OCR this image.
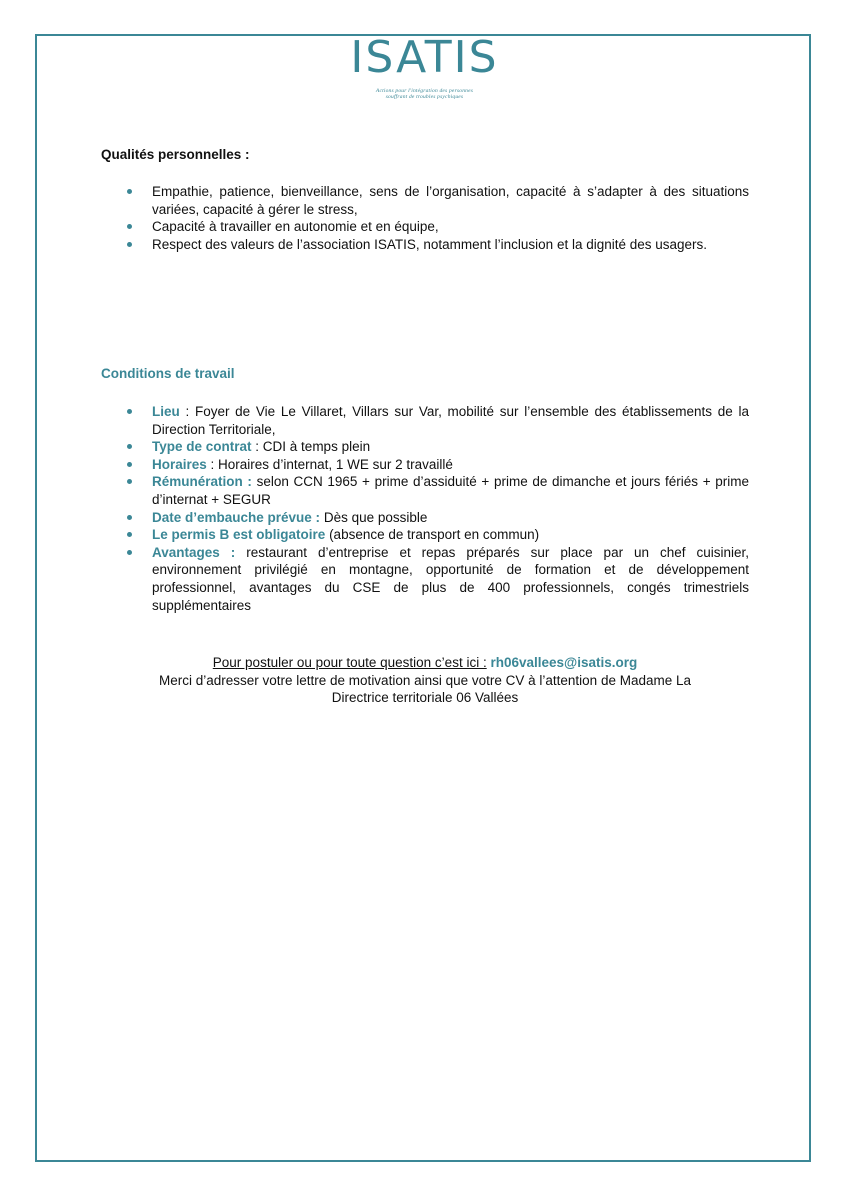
ISATIS
Actions pour l'intégration des personnes
souffrant de troubles psychiques
Qualités personnelles :
Empathie, patience, bienveillance, sens de l’organisation, capacité à s’adapter à des situations variées, capacité à gérer le stress,
Capacité à travailler en autonomie et en équipe,
Respect des valeurs de l’association ISATIS, notamment l’inclusion et la dignité des usagers.
Conditions de travail
Lieu : Foyer de Vie Le Villaret, Villars sur Var, mobilité sur l’ensemble des établissements de la Direction Territoriale,
Type de contrat : CDI à temps plein
Horaires : Horaires d’internat, 1 WE sur 2 travaillé
Rémunération : selon CCN 1965 + prime d’assiduité + prime de dimanche et jours fériés + prime d’internat + SEGUR
Date d’embauche prévue : Dès que possible
Le permis B est obligatoire (absence de transport en commun)
Avantages : restaurant d’entreprise et repas préparés sur place par un chef cuisinier, environnement privilégié en montagne, opportunité de formation et de développement professionnel, avantages du CSE de plus de 400 professionnels, congés trimestriels supplémentaires
Pour postuler ou pour toute question c’est ici : rh06vallees@isatis.org
Merci d’adresser votre lettre de motivation ainsi que votre CV à l’attention de Madame La
Directrice territoriale 06 Vallées
